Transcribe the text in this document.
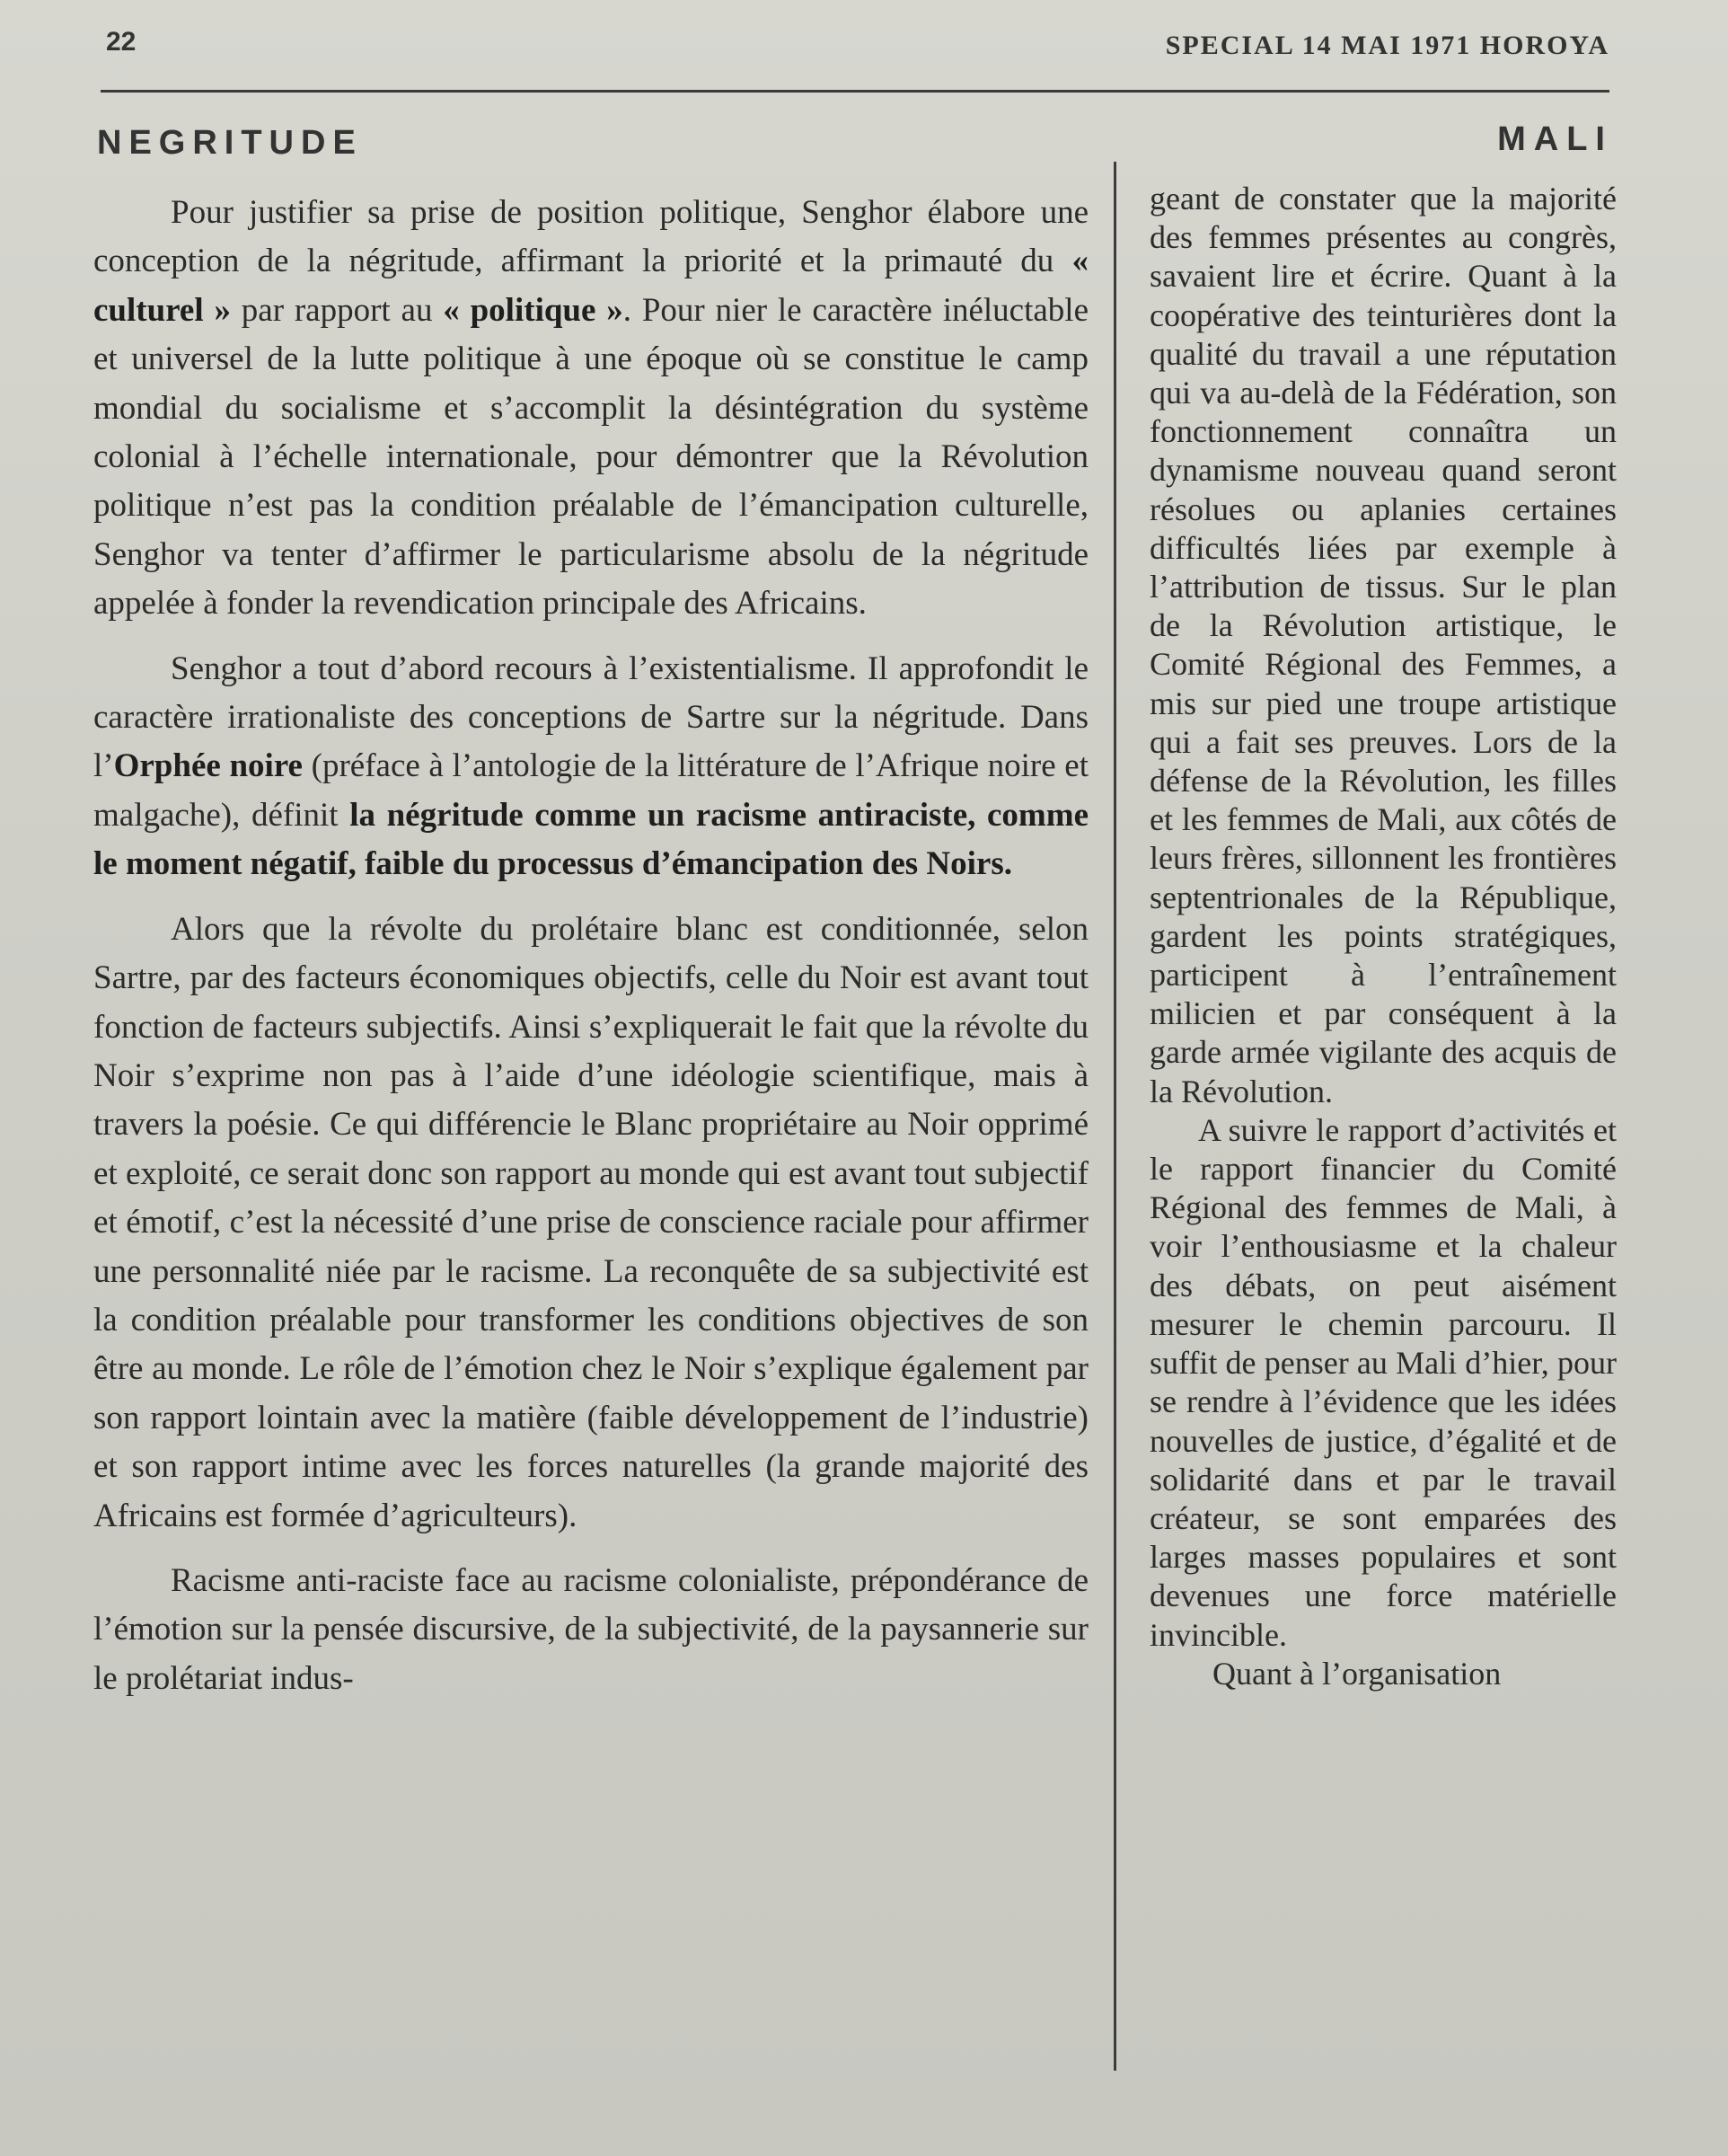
22	SPECIAL 14 MAI 1971 HOROYA
NEGRITUDE	MALI

Pour justifier sa prise de position politique, Senghor élabore une conception de la négritude, affirmant la priorité et la primauté du « culturel » par rapport au « politique ». Pour nier le caractère inéluctable et universel de la lutte politique à une époque où se constitue le camp mondial du socialisme et s’accomplit la désintégration du système colonial à l’échelle internationale, pour démontrer que la Révolution politique n’est pas la condition préalable de l’émancipation culturelle, Senghor va tenter d’affirmer le particularisme absolu de la négritude appelée à fonder la revendication principale des Africains.

Senghor a tout d’abord recours à l’existentialisme. Il approfondit le caractère irrationaliste des conceptions de Sartre sur la négritude. Dans l’Orphée noire (préface à l’antologie de la littérature de l’Afrique noire et malgache), définit la négritude comme un racisme antiraciste, comme le moment négatif, faible du processus d’émancipation des Noirs.

Alors que la révolte du prolétaire blanc est conditionnée, selon Sartre, par des facteurs économiques objectifs, celle du Noir est avant tout fonction de facteurs subjectifs. Ainsi s’expliquerait le fait que la révolte du Noir s’exprime non pas à l’aide d’une idéologie scientifique, mais à travers la poésie. Ce qui différencie le Blanc propriétaire au Noir opprimé et exploité, ce serait donc son rapport au monde qui est avant tout subjectif et émotif, c’est la nécessité d’une prise de conscience raciale pour affirmer une personnalité niée par le racisme. La reconquête de sa subjectivité est la condition préalable pour transformer les conditions objectives de son être au monde. Le rôle de l’émotion chez le Noir s’explique également par son rapport lointain avec la matière (faible développement de l’industrie) et son rapport intime avec les forces naturelles (la grande majorité des Africains est formée d’agriculteurs).

Racisme anti-raciste face au racisme colonialiste, prépondérance de l’émotion sur la pensée discursive, de la subjectivité, de la paysannerie sur le prolétariat indus-

geant de constater que la majorité des femmes présentes au congrès, savaient lire et écrire. Quant à la coopérative des teinturières dont la qualité du travail a une réputation qui va au-delà de la Fédération, son fonctionnement connaîtra un dynamisme nouveau quand seront résolues ou aplanies certaines difficultés liées par exemple à l’attribution de tissus. Sur le plan de la Révolution artistique, le Comité Régional des Femmes, a mis sur pied une troupe artistique qui a fait ses preuves. Lors de la défense de la Révolution, les filles et les femmes de Mali, aux côtés de leurs frères, sillonnent les frontières septentrionales de la République, gardent les points stratégiques, participent à l’entraînement milicien et par conséquent à la garde armée vigilante des acquis de la Révolution.

A suivre le rapport d’activités et le rapport financier du Comité Régional des femmes de Mali, à voir l’enthousiasme et la chaleur des débats, on peut aisément mesurer le chemin parcouru. Il suffit de penser au Mali d’hier, pour se rendre à l’évidence que les idées nouvelles de justice, d’égalité et de solidarité dans et par le travail créateur, se sont emparées des larges masses populaires et sont devenues une force matérielle invincible.

Quant à l’organisation
